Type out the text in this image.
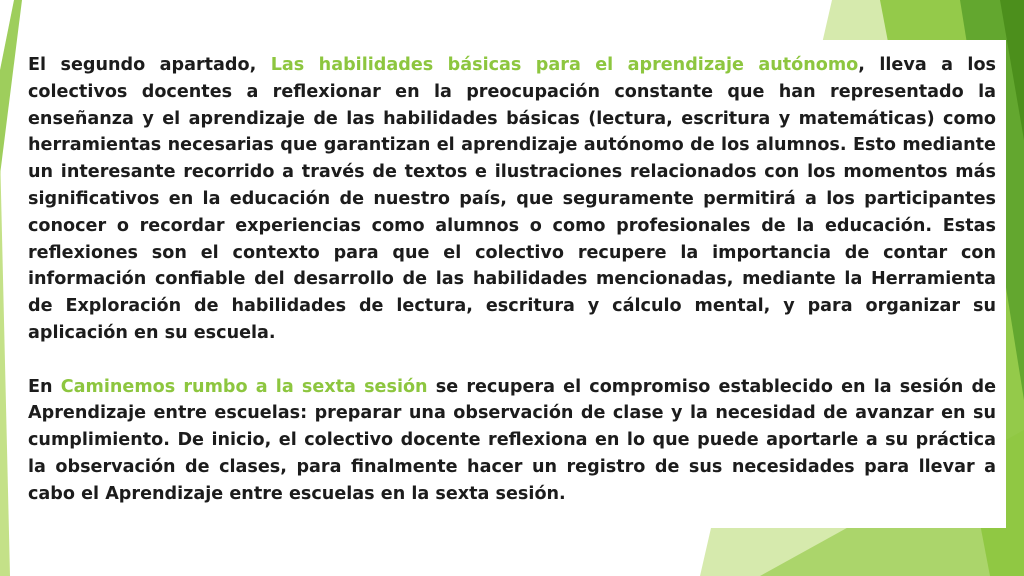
El segundo apartado, Las habilidades básicas para el aprendizaje autónomo, lleva a los colectivos docentes a reflexionar en la preocupación constante que han representado la enseñanza y el aprendizaje de las habilidades básicas (lectura, escritura y matemáticas) como herramientas necesarias que garantizan el aprendizaje autónomo de los alumnos. Esto mediante un interesante recorrido a través de textos e ilustraciones relacionados con los momentos más significativos en la educación de nuestro país, que seguramente permitirá a los participantes conocer o recordar experiencias como alumnos o como profesionales de la educación. Estas reflexiones son el contexto para que el colectivo recupere la importancia de contar con información confiable del desarrollo de las habilidades mencionadas, mediante la Herramienta de Exploración de habilidades de lectura, escritura y cálculo mental, y para organizar su aplicación en su escuela.

En Caminemos rumbo a la sexta sesión se recupera el compromiso establecido en la sesión de Aprendizaje entre escuelas: preparar una observación de clase y la necesidad de avanzar en su cumplimiento. De inicio, el colectivo docente reflexiona en lo que puede aportarle a su práctica la observación de clases, para finalmente hacer un registro de sus necesidades para llevar a cabo el Aprendizaje entre escuelas en la sexta sesión.
